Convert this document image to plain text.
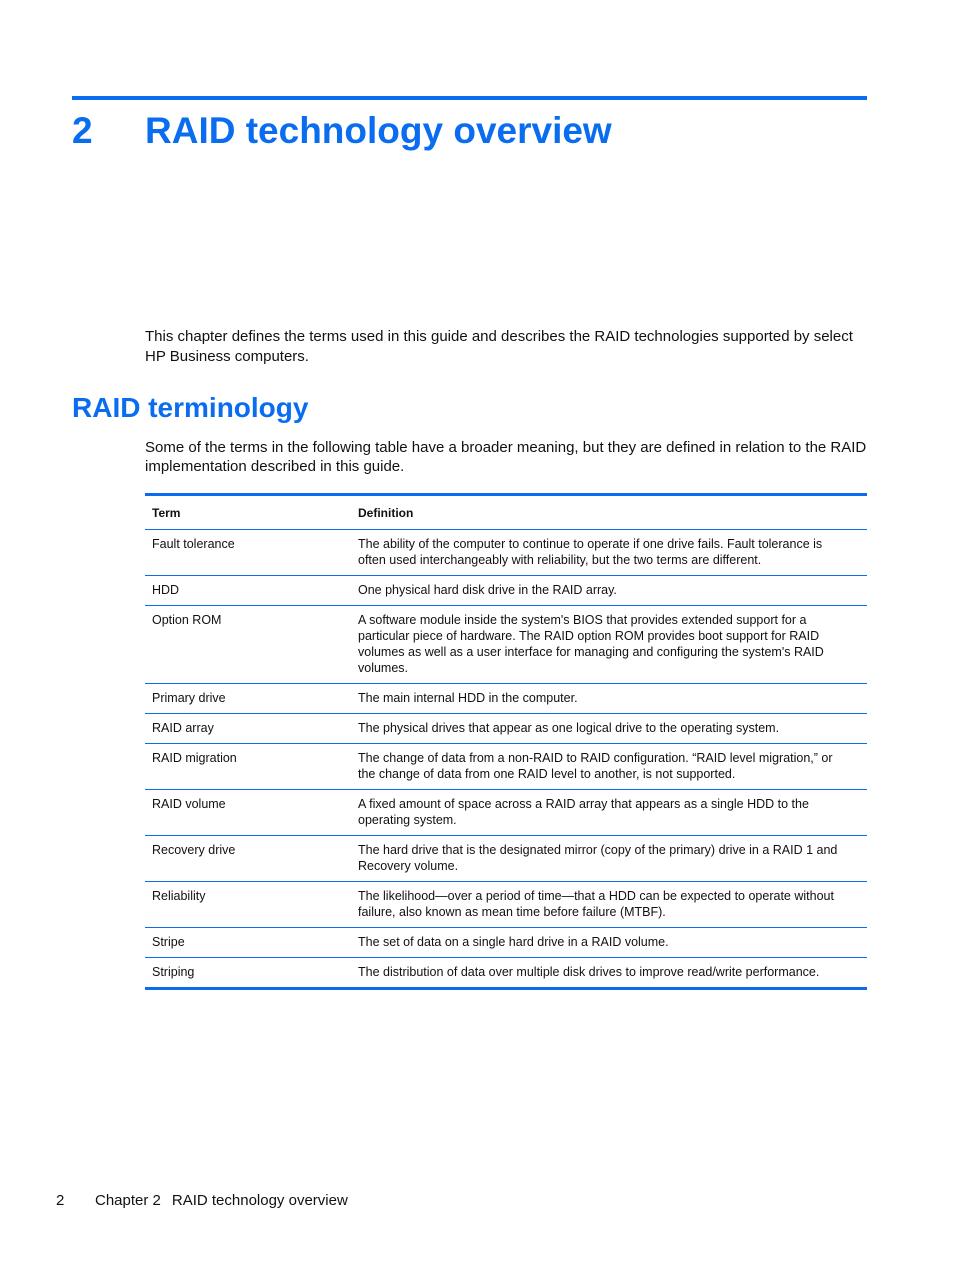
2 RAID technology overview

This chapter defines the terms used in this guide and describes the RAID technologies supported by select HP Business computers.

RAID terminology

Some of the terms in the following table have a broader meaning, but they are defined in relation to the RAID implementation described in this guide.

Term	Definition
Fault tolerance	The ability of the computer to continue to operate if one drive fails. Fault tolerance is often used interchangeably with reliability, but the two terms are different.
HDD	One physical hard disk drive in the RAID array.
Option ROM	A software module inside the system's BIOS that provides extended support for a particular piece of hardware. The RAID option ROM provides boot support for RAID volumes as well as a user interface for managing and configuring the system's RAID volumes.
Primary drive	The main internal HDD in the computer.
RAID array	The physical drives that appear as one logical drive to the operating system.
RAID migration	The change of data from a non-RAID to RAID configuration. “RAID level migration,” or the change of data from one RAID level to another, is not supported.
RAID volume	A fixed amount of space across a RAID array that appears as a single HDD to the operating system.
Recovery drive	The hard drive that is the designated mirror (copy of the primary) drive in a RAID 1 and Recovery volume.
Reliability	The likelihood—over a period of time—that a HDD can be expected to operate without failure, also known as mean time before failure (MTBF).
Stripe	The set of data on a single hard drive in a RAID volume.
Striping	The distribution of data over multiple disk drives to improve read/write performance.
2 Chapter 2 RAID technology overview
